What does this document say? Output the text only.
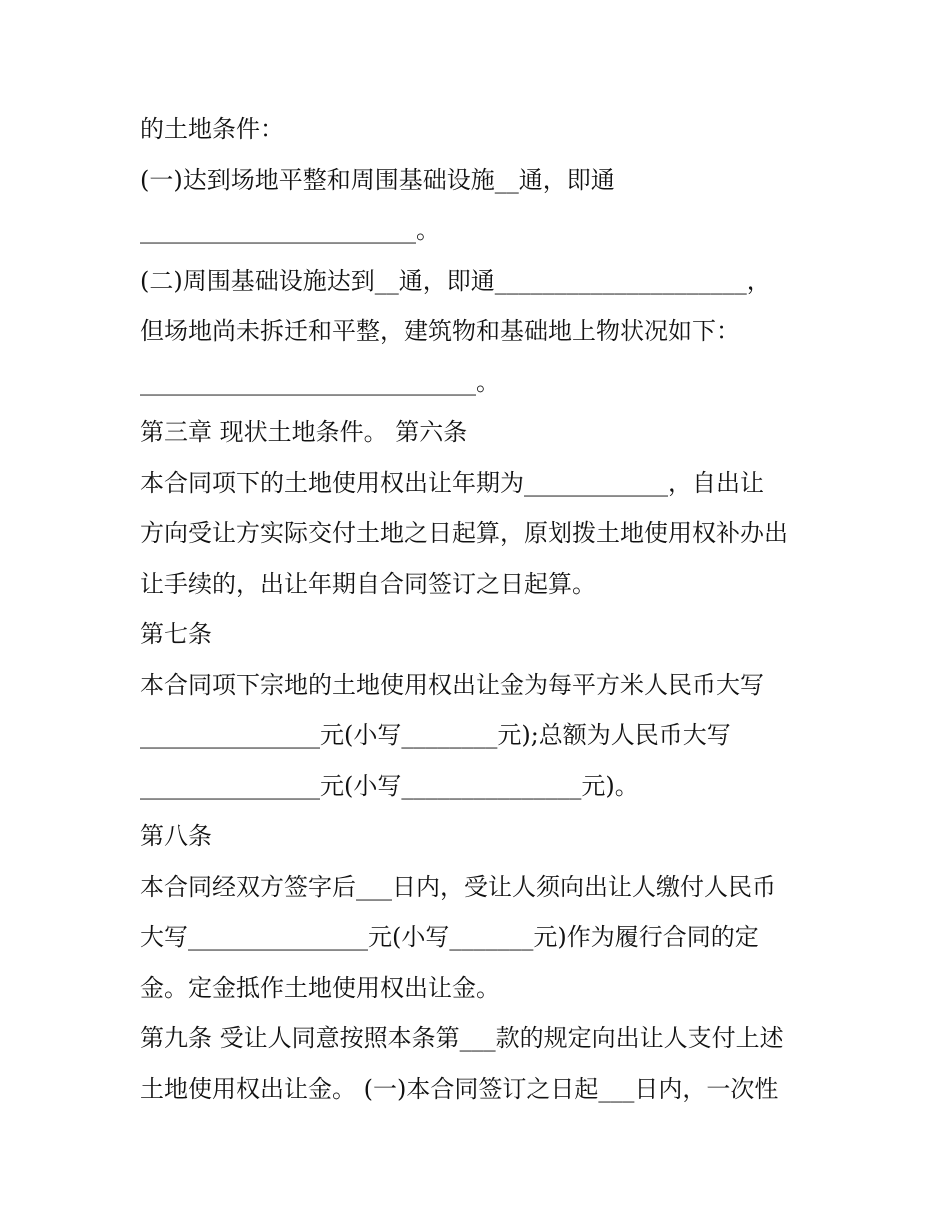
的土地条件：

(一)达到场地平整和周围基础设施__通，即通

_______________________。

(二)周围基础设施达到__通，即通_____________________，

但场地尚未拆迁和平整，建筑物和基础地上物状况如下：

____________________________。

第三章 现状土地条件。 第六条

本合同项下的土地使用权出让年期为____________，自出让

方向受让方实际交付土地之日起算，原划拨土地使用权补办出

让手续的，出让年期自合同签订之日起算。

第七条

本合同项下宗地的土地使用权出让金为每平方米人民币大写

_______________元(小写________元);总额为人民币大写

_______________元(小写_______________元)。

第八条

本合同经双方签字后___日内，受让人须向出让人缴付人民币

大写_______________元(小写_______元)作为履行合同的定

金。定金抵作土地使用权出让金。

第九条 受让人同意按照本条第___款的规定向出让人支付上述

土地使用权出让金。 (一)本合同签订之日起___日内，一次性
